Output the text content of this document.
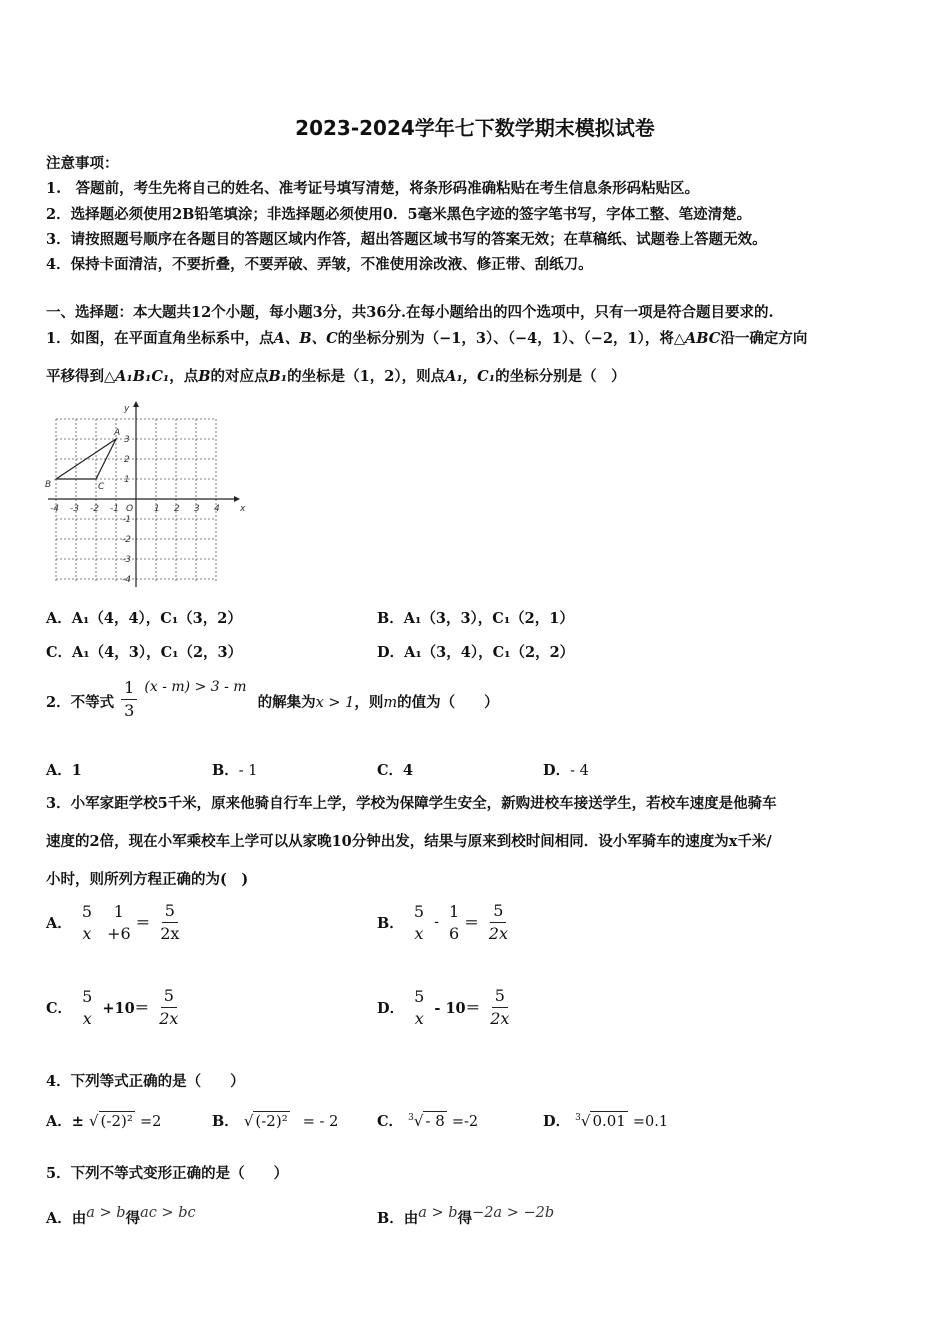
2023-2024学年七下数学期末模拟试卷
注意事项：
1.　答题前，考生先将自己的姓名、准考证号填写清楚，将条形码准确粘贴在考生信息条形码粘贴区。
2．选择题必须使用2B铅笔填涂；非选择题必须使用0．5毫米黑色字迹的签字笔书写，字体工整、笔迹清楚。
3．请按照题号顺序在各题目的答题区域内作答，超出答题区域书写的答案无效；在草稿纸、试题卷上答题无效。
4．保持卡面清洁，不要折叠，不要弄破、弄皱，不准使用涂改液、修正带、刮纸刀。
一、选择题：本大题共12个小题，每小题3分，共36分.在每小题给出的四个选项中，只有一项是符合题目要求的.
1．如图，在平面直角坐标系中，点A、B、C的坐标分别为（−1，3）、（−4，1）、（−2，1），将△ABC沿一确定方向
平移得到△A₁B₁C₁，点B的对应点B₁的坐标是（1，2），则点A₁，C₁的坐标分别是（　）
x
y
A
B	C
-4 -3 -2 -1 O 1 2 3 4
3
2
1
-1
-2
-3
-4
A．A₁（4，4），C₁（3，2）	B．A₁（3，3），C₁（2，1）
C．A₁（4，3），C₁（2，3）	D．A₁（3，4），C₁（2，2）
2．不等式 $\frac{1}{3} (x - m) > 3 - m$ 的解集为x > 1，则m的值为（　　）
A．1	B．- 1	C．4	D．- 4
3．小军家距学校5千米，原来他骑自行车上学，学校为保障学生安全，新购进校车接送学生，若校车速度是他骑车
速度的2倍，现在小军乘校车上学可以从家晚10分钟出发，结果与原来到校时间相同．设小军骑车的速度为x千米/
小时，则所列方程正确的为(　)
A．
5
x

1
$+6 = \frac{5}{2x}$	B．
5
x
-
1
$6 = \frac{5}{2x}$
C．
5
$x +10= \frac{5}{2x}$	D．
5
$x - 10= \frac{5}{2x}$
4．下列等式正确的是（　　）
A．± √ (-2)² =2	B． √ (-2)² = - 2	C． $^3$√ - 8 =-2	D． $^3$√ 0.01 =0.1
5．下列不等式变形正确的是（　　）
A．由a > b得ac > bc	B．由a > b得−2a > −2b
